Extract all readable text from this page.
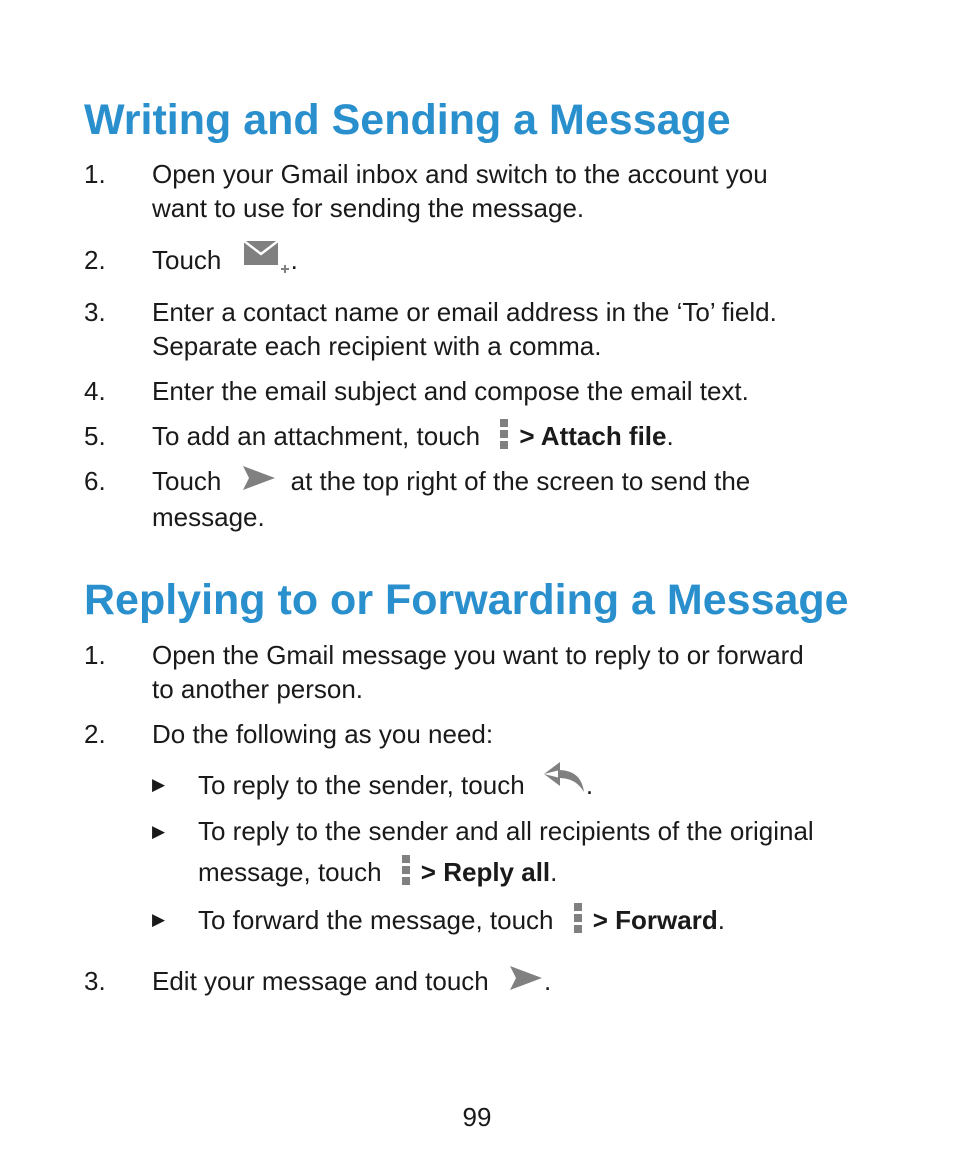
Writing and Sending a Message
1. Open your Gmail inbox and switch to the account you
want to use for sending the message.
2. Touch	.
3. Enter a contact name or email address in the ‘To’ field.
Separate each recipient with a comma.
4. Enter the email subject and compose the email text.
5. To add an attachment, touch > Attach file.
6. Touch	at the top right of the screen to send the
message.
Replying to or Forwarding a Message
1. Open the Gmail message you want to reply to or forward
to another person.
2. Do the following as you need:
▶ To reply to the sender, touch .
▶ To reply to the sender and all recipients of the original
message, touch > Reply all.
▶ To forward the message, touch > Forward.
3. Edit your message and touch .
99
